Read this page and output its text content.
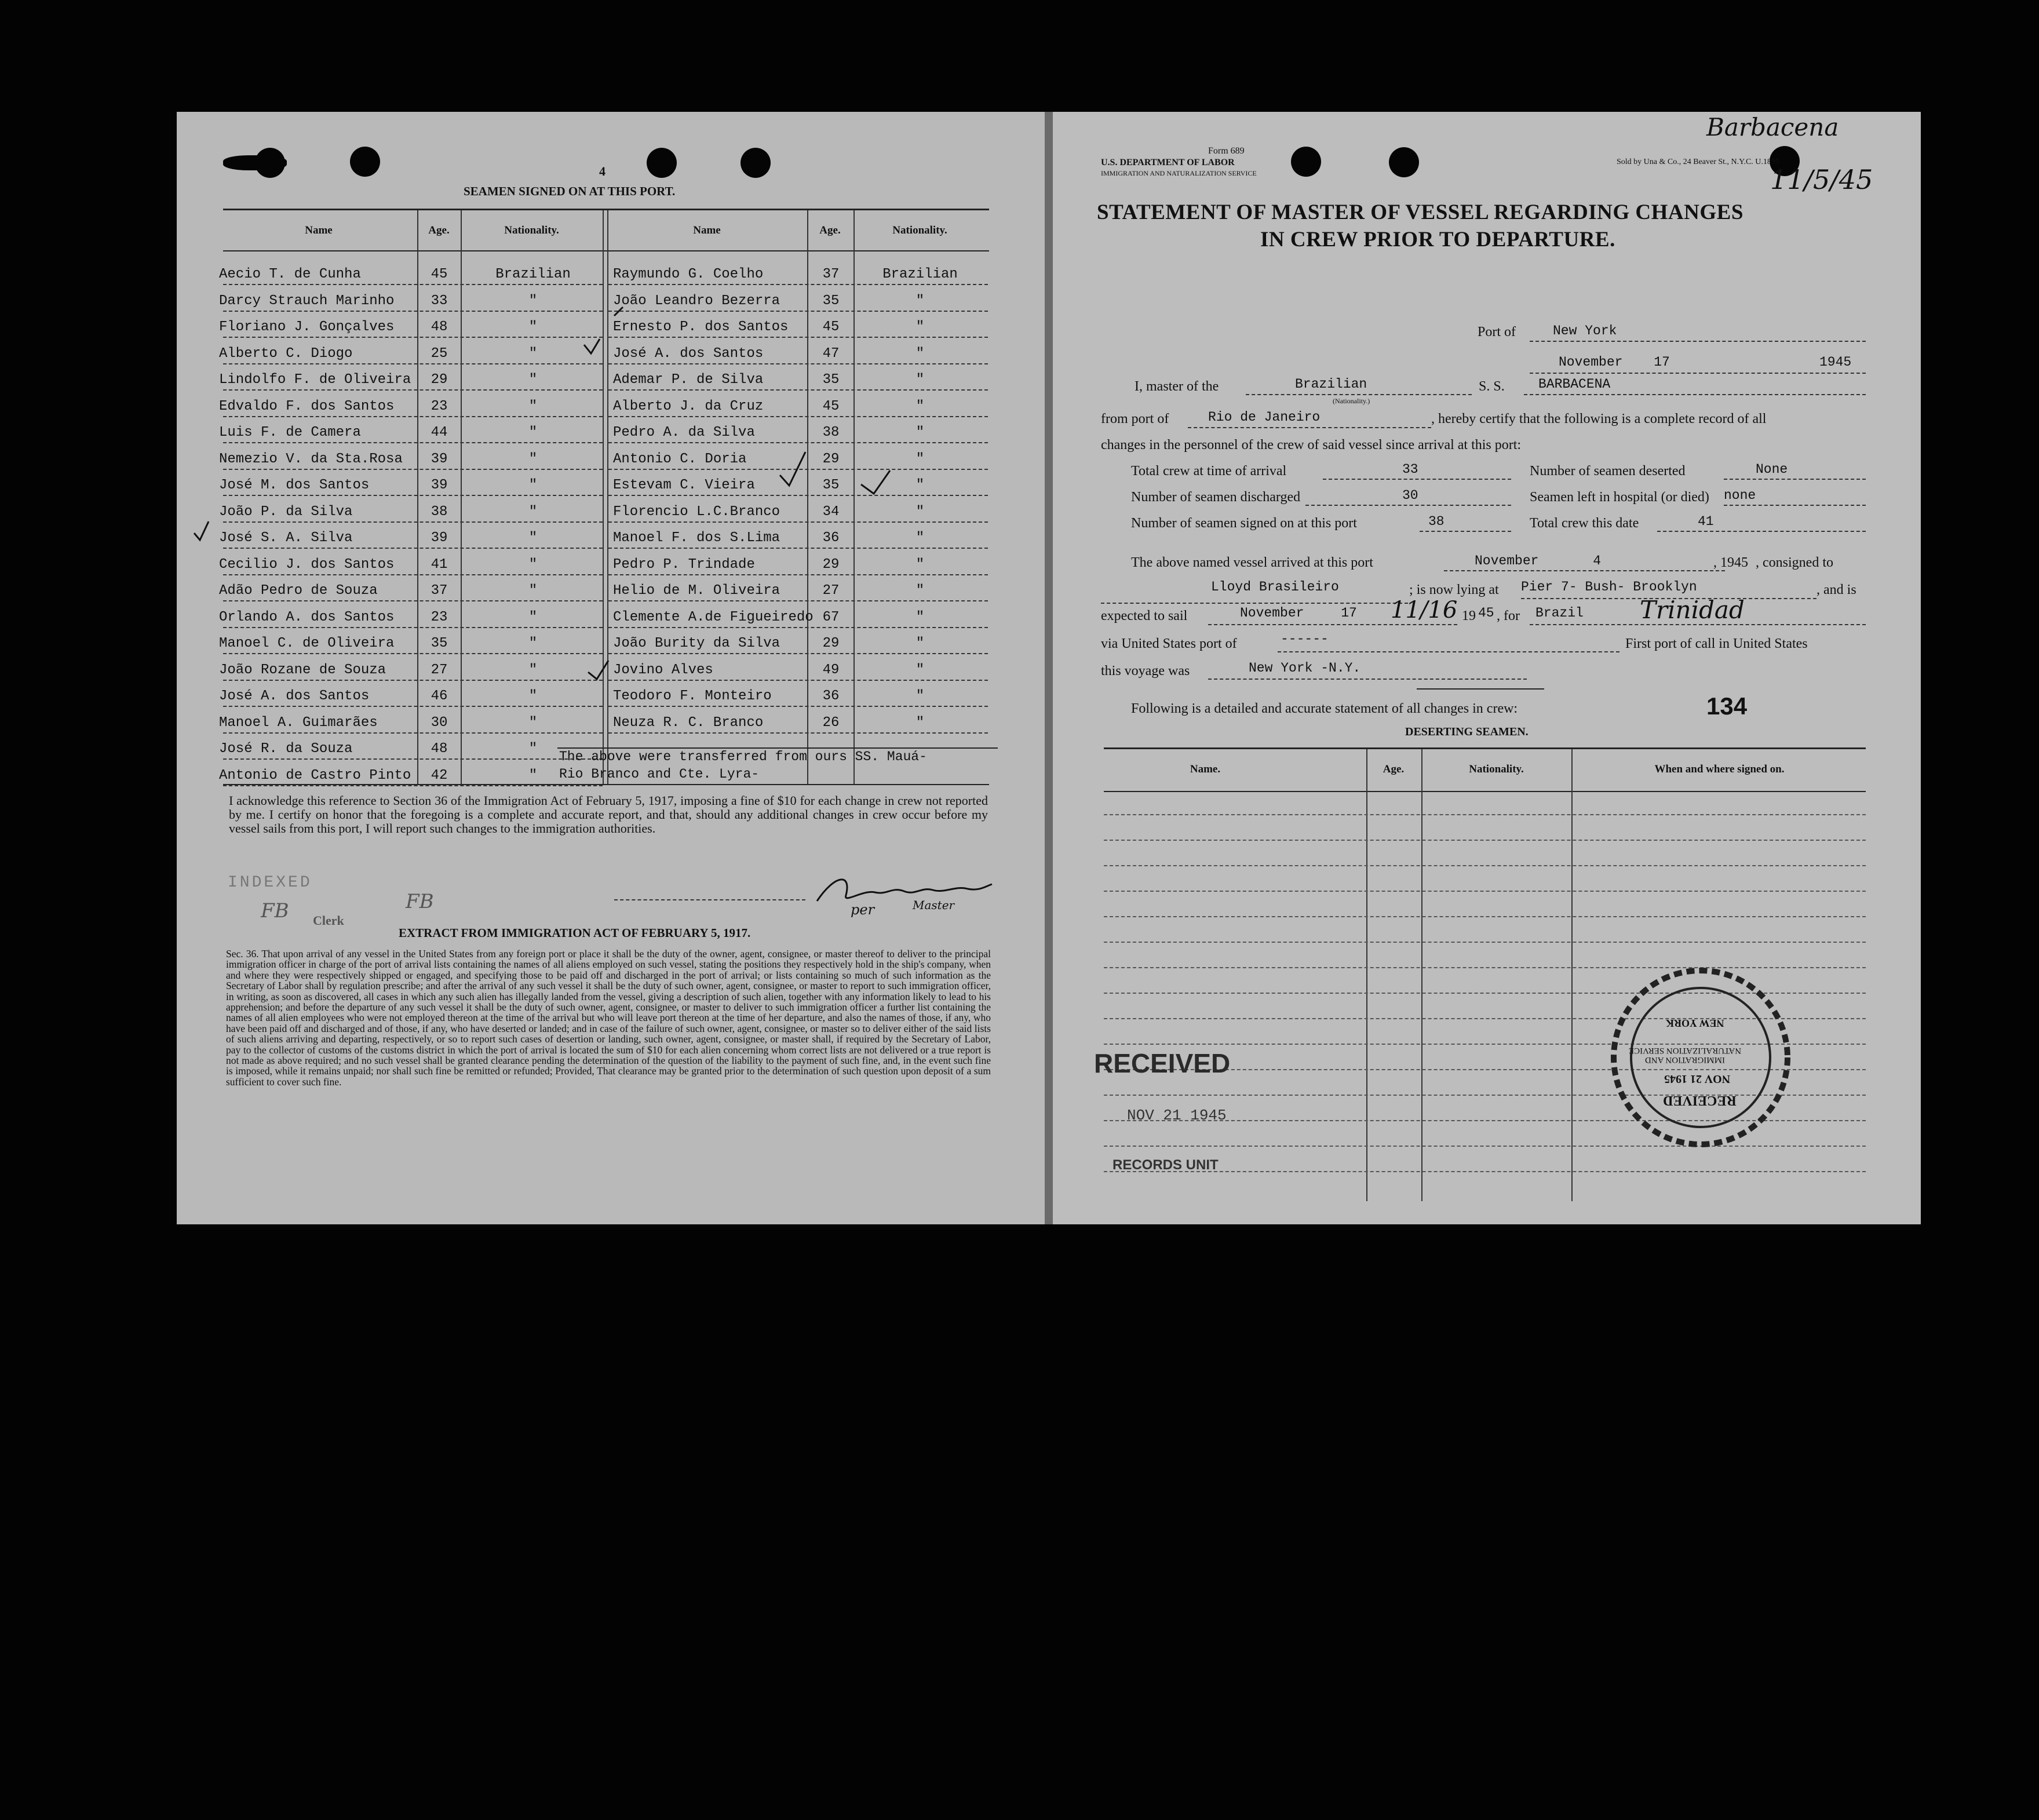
4
SEAMEN SIGNED ON AT THIS PORT.
Name	Age.	Nationality.	Name	Age.	Nationality.
Aecio T. de Cunha	45	Brazilian
Darcy Strauch Marinho	33	"
Floriano J. Gonçalves	48	"
Alberto C. Diogo	25	"
Lindolfo F. de Oliveira	29	"
Edvaldo F. dos Santos	23	"
Luis F. de Camera	44	"
Nemezio V. da Sta.Rosa	39	"
José M. dos Santos	39	"
João P. da Silva	38	"
José S. A. Silva	39	"
Cecilio J. dos Santos	41	"
Adão Pedro de Souza	37	"
Orlando A. dos Santos	23	"
Manoel C. de Oliveira	35	"
João Rozane de Souza	27	"
José A. dos Santos	46	"
Manoel A. Guimarães	30	"
José R. da Souza	48	"
Antonio de Castro Pinto	42	"
Raymundo G. Coelho	37	Brazilian
João Leandro Bezerra	35	"
Ernesto P. dos Santos	45	"
José A. dos Santos	47	"
Ademar P. de Silva	35	"
Alberto J. da Cruz	45	"
Pedro A. da Silva	38	"
Antonio C. Doria	29	"
Estevam C. Vieira	35	"
Florencio L.C.Branco	34	"
Manoel F. dos S.Lima	36	"
Pedro P. Trindade	29	"
Helio de M. Oliveira	27	"
Clemente A.de Figueiredo 67	"
João Burity da Silva	29	"
Jovino Alves	49	"
Teodoro F. Monteiro	36	"
Neuza R. C. Branco	26	"
The above were transferred from ours SS. Mauá-
Rio Branco and Cte. Lyra-
I acknowledge this reference to Section 36 of the Immigration Act of February 5, 1917, imposing a fine of $10 for each change in crew not reported by me. I certify on honor that the foregoing is a complete and accurate report, and that, should any additional changes in crew occur before my vessel sails from this port, I will report such changes to the immigration authorities.
INDEXED
FB	FB
Clerk
per	Master
EXTRACT FROM IMMIGRATION ACT OF FEBRUARY 5, 1917.
Sec. 36. That upon arrival of any vessel in the United States from any foreign port or place it shall be the duty of the owner, agent, consignee, or master thereof to deliver to the principal immigration officer in charge of the port of arrival lists containing the names of all aliens employed on such vessel, stating the positions they respectively hold in the ship's company, when and where they were respectively shipped or engaged, and specifying those to be paid off and discharged in the port of arrival; or lists containing so much of such information as the Secretary of Labor shall by regulation prescribe; and after the arrival of any such vessel it shall be the duty of such owner, agent, consignee, or master to report to such immigration officer, in writing, as soon as discovered, all cases in which any such alien has illegally landed from the vessel, giving a description of such alien, together with any information likely to lead to his apprehension; and before the departure of any such vessel it shall be the duty of such owner, agent, consignee, or master to deliver to such immigration officer a further list containing the names of all alien employees who were not employed thereon at the time of the arrival but who will leave port thereon at the time of her departure, and also the names of those, if any, who have been paid off and discharged and of those, if any, who have deserted or landed; and in case of the failure of such owner, agent, consignee, or master so to deliver either of the said lists of such aliens arriving and departing, respectively, or so to report such cases of desertion or landing, such owner, agent, consignee, or master shall, if required by the Secretary of Labor, pay to the collector of customs of the customs district in which the port of arrival is located the sum of $10 for each alien concerning whom correct lists are not delivered or a true report is not made as above required; and no such vessel shall be granted clearance pending the determination of the question of the liability to the payment of such fine, and, in the event such fine is imposed, while it remains unpaid; nor shall such fine be remitted or refunded; Provided, That clearance may be granted prior to the determination of such question upon deposit of a sum sufficient to cover such fine.
Form 689
U.S. DEPARTMENT OF LABOR
IMMIGRATION AND NATURALIZATION SERVICE
Sold by Una & Co., 24 Beaver St., N.Y.C. U.1895
Barbacena
11/5/45
STATEMENT OF MASTER OF VESSEL REGARDING CHANGES
IN CREW PRIOR TO DEPARTURE.
Port of	New York
November 17	1945
I, master of the	Brazilian
(Nationality.)
S. S.	BARBACENA
from port of	Rio de Janeiro	, hereby certify that the following is a complete record of all
changes in the personnel of the crew of said vessel since arrival at this port:
Total crew at time of arrival	33	Number of seamen deserted	None
Number of seamen discharged	30	Seamen left in hospital (or died) none
Number of seamen signed on at this port	38	Total crew this date	41
The above named vessel arrived at this port	November 4	, 1945 , consigned to
Lloyd Brasileiro	; is now lying at Pier 7- Bush- Brooklyn	, and is
expected to sail	November 17 11/16 19 45 , for Brazil Trinidad
via United States port of	------	First port of call in United States
this voyage was	New York -N.Y.
Following is a detailed and accurate statement of all changes in crew:	134
DESERTING SEAMEN.
Name.	Age.	Nationality.	When and where signed on.
RECEIVED
NOV 21 1945
RECORDS UNIT
RECEIVED
NOV 21 1945
IMMIGRATION AND NATURALIZATION SERVICE
NEW YORK
